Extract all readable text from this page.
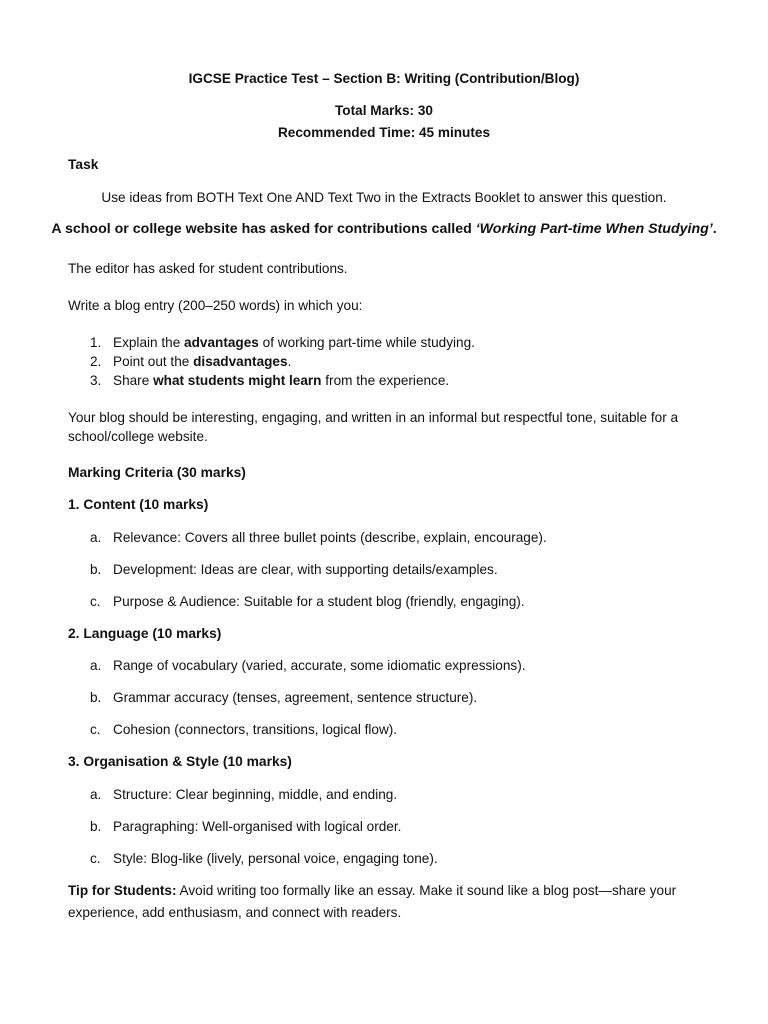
IGCSE Practice Test – Section B: Writing (Contribution/Blog)
Total Marks: 30
Recommended Time: 45 minutes
Task
Use ideas from BOTH Text One AND Text Two in the Extracts Booklet to answer this question.
A school or college website has asked for contributions called ‘Working Part-time When Studying’.
The editor has asked for student contributions.
Write a blog entry (200–250 words) in which you:
1. Explain the advantages of working part-time while studying.
2. Point out the disadvantages.
3. Share what students might learn from the experience.
Your blog should be interesting, engaging, and written in an informal but respectful tone, suitable for a
school/college website.
Marking Criteria (30 marks)
1. Content (10 marks)
a. Relevance: Covers all three bullet points (describe, explain, encourage).
b. Development: Ideas are clear, with supporting details/examples.
c. Purpose & Audience: Suitable for a student blog (friendly, engaging).
2. Language (10 marks)
a. Range of vocabulary (varied, accurate, some idiomatic expressions).
b. Grammar accuracy (tenses, agreement, sentence structure).
c. Cohesion (connectors, transitions, logical flow).
3. Organisation & Style (10 marks)
a. Structure: Clear beginning, middle, and ending.
b. Paragraphing: Well-organised with logical order.
c. Style: Blog-like (lively, personal voice, engaging tone).
Tip for Students: Avoid writing too formally like an essay. Make it sound like a blog post—share your
experience, add enthusiasm, and connect with readers.
